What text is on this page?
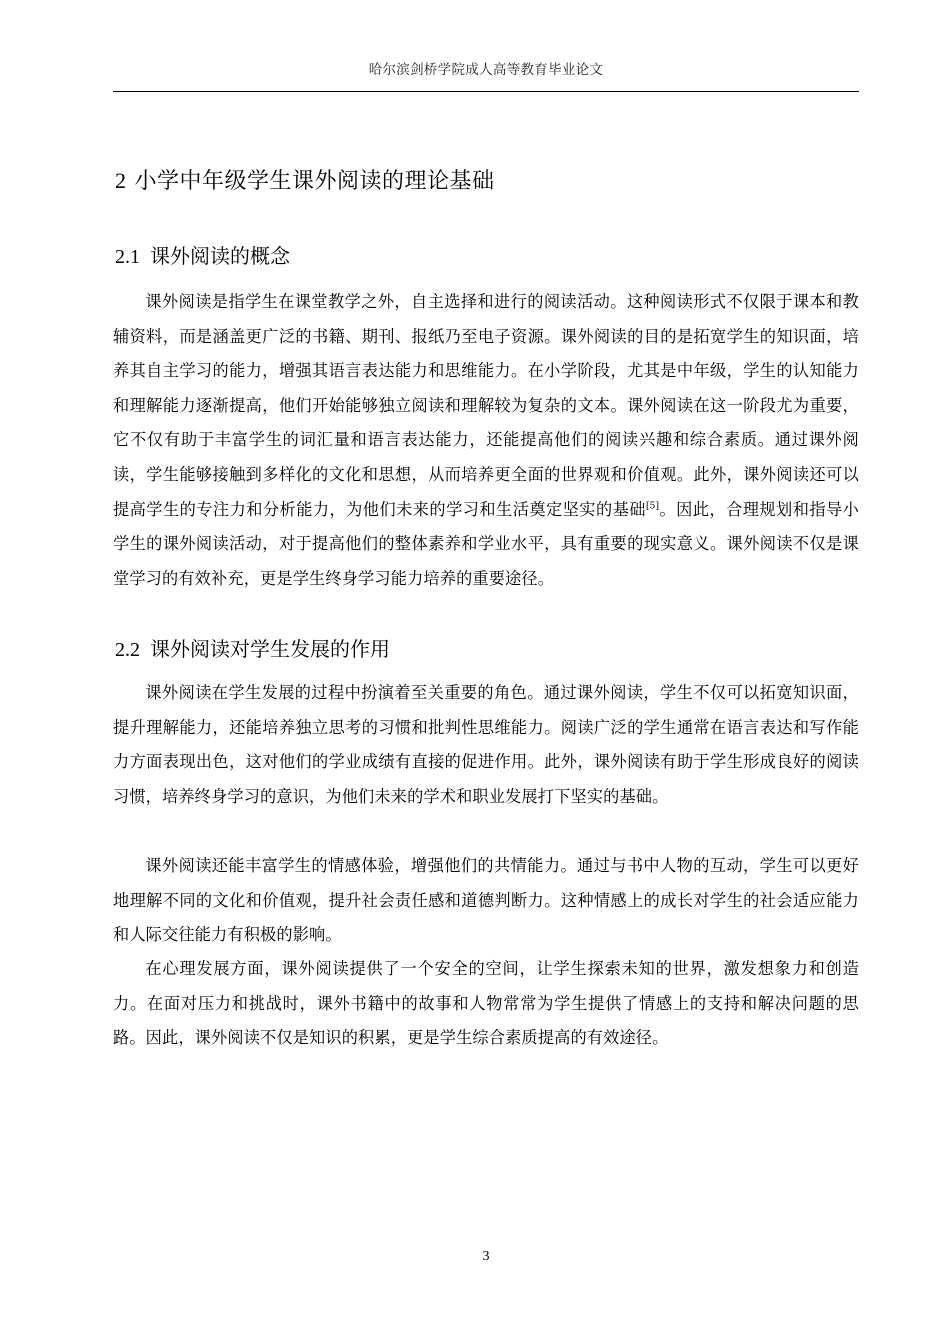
哈尔滨剑桥学院成人高等教育毕业论文
2 小学中年级学生课外阅读的理论基础
2.1 课外阅读的概念

课外阅读是指学生在课堂教学之外，自主选择和进行的阅读活动。这种阅读形式不仅限于课本和教辅资料，而是涵盖更广泛的书籍、期刊、报纸乃至电子资源。课外阅读的目的是拓宽学生的知识面，培养其自主学习的能力，增强其语言表达能力和思维能力。在小学阶段，尤其是中年级，学生的认知能力和理解能力逐渐提高，他们开始能够独立阅读和理解较为复杂的文本。课外阅读在这一阶段尤为重要，它不仅有助于丰富学生的词汇量和语言表达能力，还能提高他们的阅读兴趣和综合素质。通过课外阅读，学生能够接触到多样化的文化和思想，从而培养更全面的世界观和价值观。此外，课外阅读还可以提高学生的专注力和分析能力，为他们未来的学习和生活奠定坚实的基础[5]。因此，合理规划和指导小学生的课外阅读活动，对于提高他们的整体素养和学业水平，具有重要的现实意义。课外阅读不仅是课堂学习的有效补充，更是学生终身学习能力培养的重要途径。

2.2 课外阅读对学生发展的作用

课外阅读在学生发展的过程中扮演着至关重要的角色。通过课外阅读，学生不仅可以拓宽知识面，提升理解能力，还能培养独立思考的习惯和批判性思维能力。阅读广泛的学生通常在语言表达和写作能力方面表现出色，这对他们的学业成绩有直接的促进作用。此外，课外阅读有助于学生形成良好的阅读习惯，培养终身学习的意识，为他们未来的学术和职业发展打下坚实的基础。

课外阅读还能丰富学生的情感体验，增强他们的共情能力。通过与书中人物的互动，学生可以更好地理解不同的文化和价值观，提升社会责任感和道德判断力。这种情感上的成长对学生的社会适应能力和人际交往能力有积极的影响。

在心理发展方面，课外阅读提供了一个安全的空间，让学生探索未知的世界，激发想象力和创造力。在面对压力和挑战时，课外书籍中的故事和人物常常为学生提供了情感上的支持和解决问题的思路。因此，课外阅读不仅是知识的积累，更是学生综合素质提高的有效途径。

3
